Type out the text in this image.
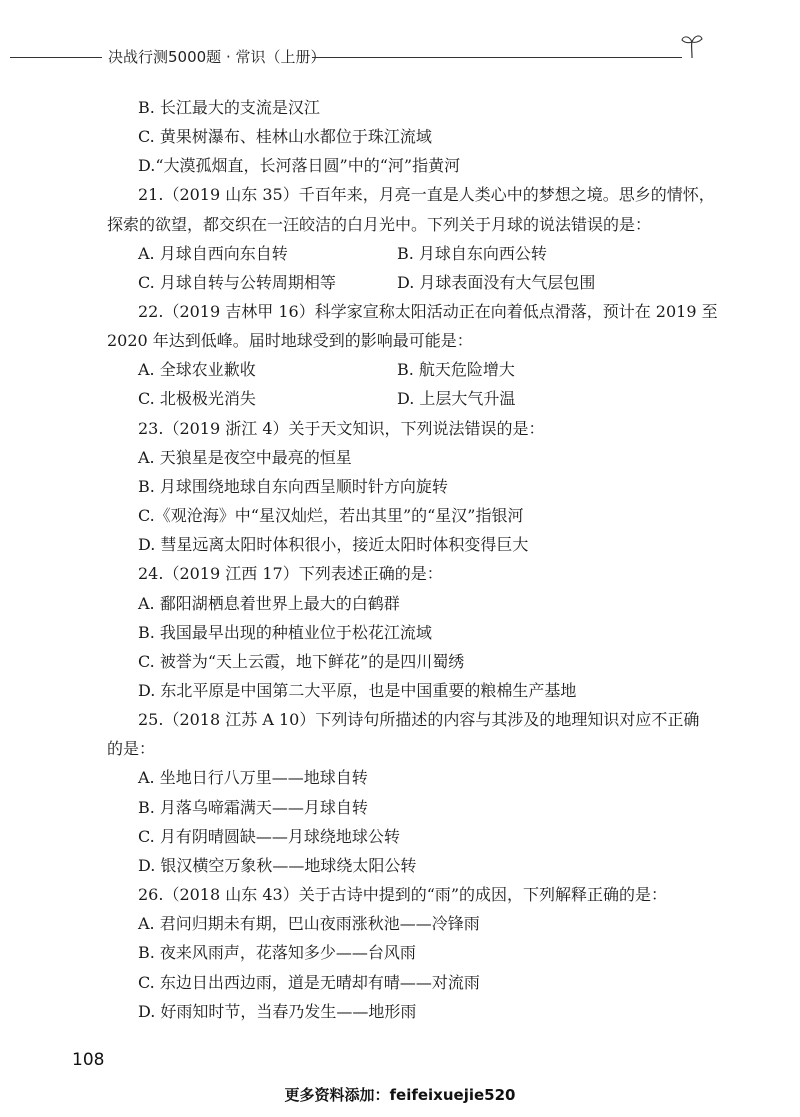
决战行测5000题 · 常识（上册）
B. 长江最大的支流是汉江
C. 黄果树瀑布、桂林山水都位于珠江流域
D.“大漠孤烟直，长河落日圆”中的“河”指黄河
21.（2019 山东 35）千百年来，月亮一直是人类心中的梦想之境。思乡的情怀，
探索的欲望，都交织在一汪皎洁的白月光中。下列关于月球的说法错误的是：
A. 月球自西向东自转	B. 月球自东向西公转
C. 月球自转与公转周期相等	D. 月球表面没有大气层包围
22.（2019 吉林甲 16）科学家宣称太阳活动正在向着低点滑落，预计在 2019 至
2020 年达到低峰。届时地球受到的影响最可能是：
A. 全球农业歉收	B. 航天危险增大
C. 北极极光消失	D. 上层大气升温
23.（2019 浙江 4）关于天文知识，下列说法错误的是：
A. 天狼星是夜空中最亮的恒星
B. 月球围绕地球自东向西呈顺时针方向旋转
C.《观沧海》中“星汉灿烂，若出其里”的“星汉”指银河
D. 彗星远离太阳时体积很小，接近太阳时体积变得巨大
24.（2019 江西 17）下列表述正确的是：
A. 鄱阳湖栖息着世界上最大的白鹤群
B. 我国最早出现的种植业位于松花江流域
C. 被誉为“天上云霞，地下鲜花”的是四川蜀绣
D. 东北平原是中国第二大平原，也是中国重要的粮棉生产基地
25.（2018 江苏 A 10）下列诗句所描述的内容与其涉及的地理知识对应不正确
的是：
A. 坐地日行八万里——地球自转
B. 月落乌啼霜满天——月球自转
C. 月有阴晴圆缺——月球绕地球公转
D. 银汉横空万象秋——地球绕太阳公转
26.（2018 山东 43）关于古诗中提到的“雨”的成因，下列解释正确的是：
A. 君问归期未有期，巴山夜雨涨秋池——冷锋雨
B. 夜来风雨声，花落知多少——台风雨
C. 东边日出西边雨，道是无晴却有晴——对流雨
D. 好雨知时节，当春乃发生——地形雨
108
更多资料添加：feifeixuejie520
